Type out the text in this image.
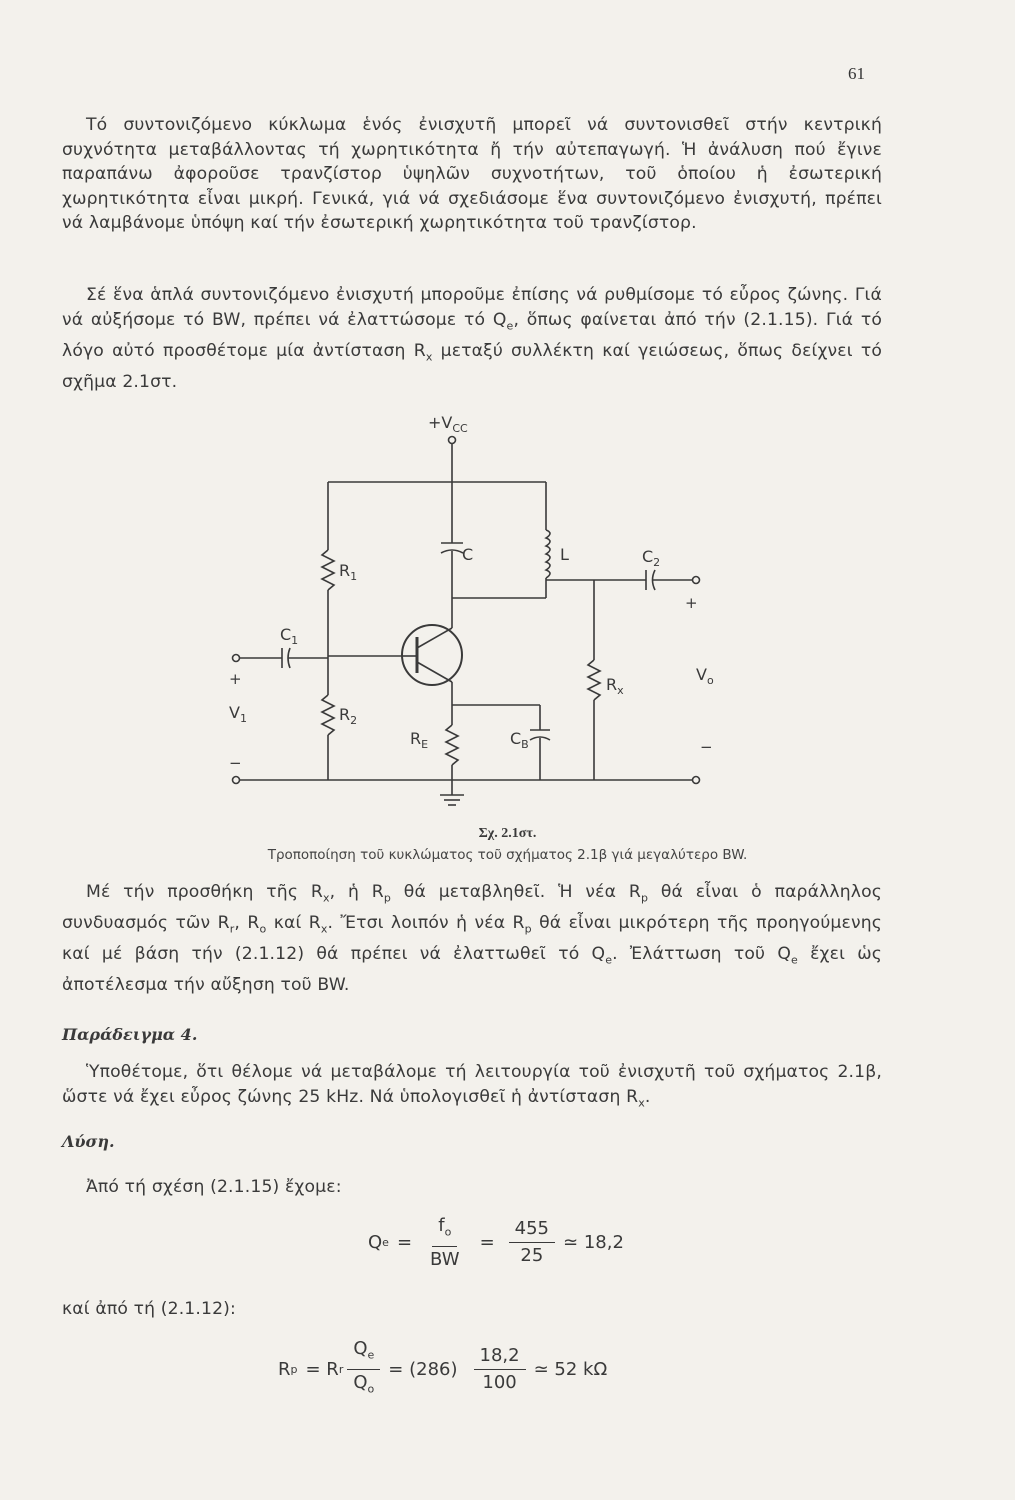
61

Τό συντονιζόμενο κύκλωμα ἑνός ἐνισχυτῆ μπορεῖ νά συντονισθεῖ στήν κεντρική συχνότητα μεταβάλλοντας τή χωρητικότητα ἤ τήν αὐτεπαγωγή. Ἡ ἀνάλυση πού ἔγινε παραπάνω ἀφοροῦσε τρανζίστορ ὑψηλῶν συχνοτήτων, τοῦ ὁποίου ἡ ἐσωτερική χωρητικότητα εἶναι μικρή. Γενικά, γιά νά σχεδιάσομε ἕνα συντονιζόμενο ἐνισχυτή, πρέπει νά λαμβάνομε ὑπόψη καί τήν ἐσωτερική χωρητικότητα τοῦ τρανζίστορ.

Σέ ἕνα ἁπλά συντονιζόμενο ἐνισχυτή μποροῦμε ἐπίσης νά ρυθμίσομε τό εὖρος ζώνης. Γιά νά αὐξήσομε τό BW, πρέπει νά ἐλαττώσομε τό $Q_e$, ὅπως φαίνεται ἀπό τήν (2.1.15). Γιά τό λόγο αὐτό προσθέτομε μία ἀντίσταση $R_x$ μεταξύ συλλέκτη καί γειώσεως, ὅπως δείχνει τό σχῆμα 2.1στ.

$+V_{CC}$
C	L	$C_2$
+
$R_1$
$C_1$
+
$V_1$
−
$R_2$
$R_E$	$C_B$
$R_x$
$V_o$
−
Σχ. 2.1στ.
Τροποποίηση τοῦ κυκλώματος τοῦ σχήματος 2.1β γιά μεγαλύτερο BW.

Μέ τήν προσθήκη τῆς $R_x$, ἡ $R_p$ θά μεταβληθεῖ. Ἡ νέα $R_p$ θά εἶναι ὁ παράλληλος συνδυασμός τῶν $R_r$, $R_o$ καί $R_x$. Ἔτσι λοιπόν ἡ νέα $R_p$ θά εἶναι μικρότερη τῆς προηγούμενης καί μέ βάση τήν (2.1.12) θά πρέπει νά ἐλαττωθεῖ τό $Q_e$. Ἐλάττωση τοῦ $Q_e$ ἔχει ὡς ἀποτέλεσμα τήν αὔξηση τοῦ BW.

Παράδειγμα 4.

Ὑποθέτομε, ὅτι θέλομε νά μεταβάλομε τή λειτουργία τοῦ ἐνισχυτῆ τοῦ σχήματος 2.1β, ὥστε νά ἔχει εὖρος ζώνης 25 kHz. Νά ὑπολογισθεῖ ἡ ἀντίσταση $R_x$.

Λύση.
Ἀπό τή σχέση (2.1.15) ἔχομε:
Q $e = \frac{f_o}{BW} = \frac{455}{25}$ ≃ 18,2
καί ἀπό τή (2.1.12):
R p = R r $\frac{Q_e}{Q_o} = (286) \frac{18,2}{100}$ ≃ 52 kΩ
